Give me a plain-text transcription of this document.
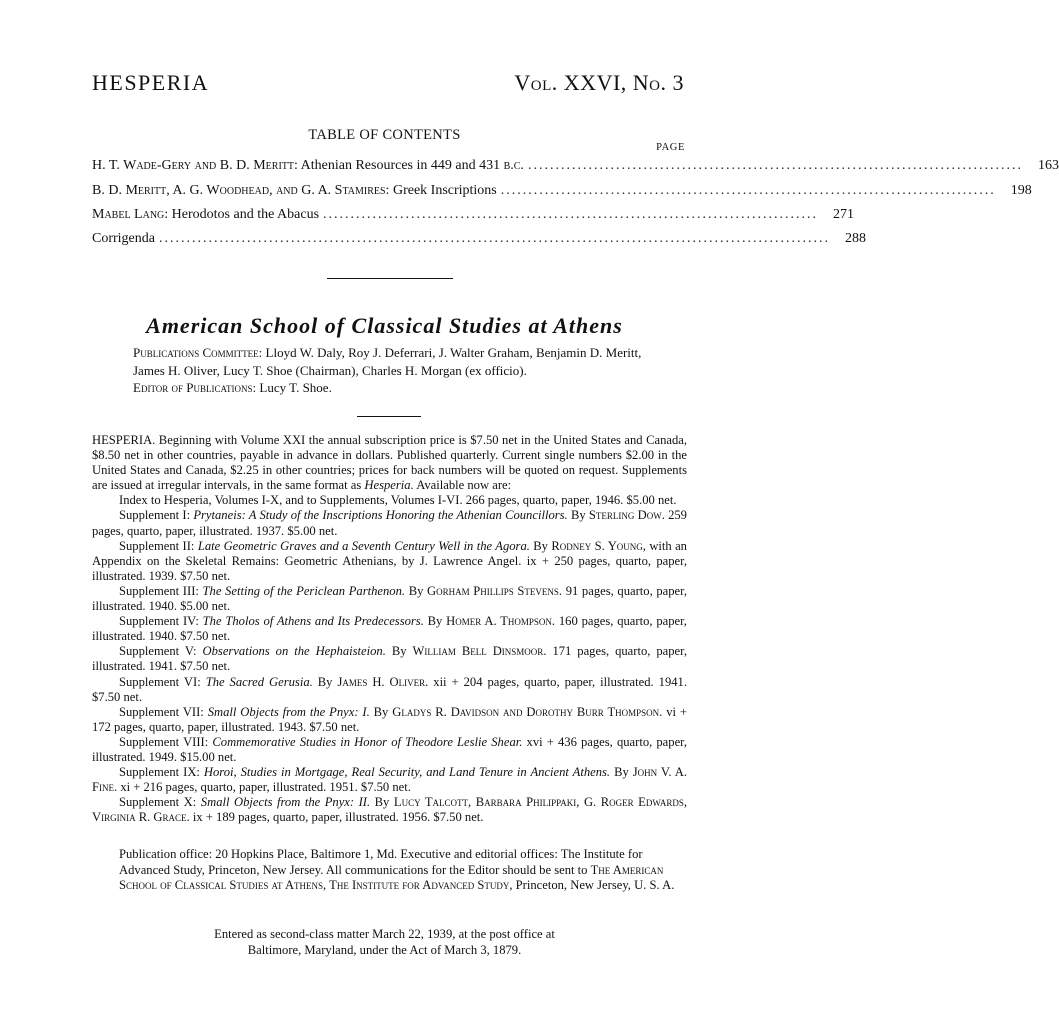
HESPERIA	Vol. XXVI, No. 3
TABLE OF CONTENTS
PAGE
H. T. Wade-Gery and B. D. Meritt: Athenian Resources in 449 and 431 b.c. ..........................................................................................	163
B. D. Meritt, A. G. Woodhead, and G. A. Stamires: Greek Inscriptions ..........................................................................................	198
Mabel Lang: Herodotos and the Abacus ..........................................................................................	271
Corrigenda ..........................................................................................................................	288
American School of Classical Studies at Athens
Publications Committee: Lloyd W. Daly, Roy J. Deferrari, J. Walter Graham, Benjamin D. Meritt, James H. Oliver, Lucy T. Shoe (Chairman), Charles H. Morgan (ex officio).
Editor of Publications: Lucy T. Shoe.

HESPERIA. Beginning with Volume XXI the annual subscription price is $7.50 net in the United States and Canada, $8.50 net in other countries, payable in advance in dollars. Published quarterly. Current single numbers $2.00 in the United States and Canada, $2.25 in other countries; prices for back numbers will be quoted on request. Supplements are issued at irregular intervals, in the same format as Hesperia. Available now are:

Index to Hesperia, Volumes I-X, and to Supplements, Volumes I-VI. 266 pages, quarto, paper, 1946. $5.00 net.

Supplement I: Prytaneis: A Study of the Inscriptions Honoring the Athenian Councillors. By Sterling Dow. 259 pages, quarto, paper, illustrated. 1937. $5.00 net.

Supplement II: Late Geometric Graves and a Seventh Century Well in the Agora. By Rodney S. Young, with an Appendix on the Skeletal Remains: Geometric Athenians, by J. Lawrence Angel. ix + 250 pages, quarto, paper, illustrated. 1939. $7.50 net.

Supplement III: The Setting of the Periclean Parthenon. By Gorham Phillips Stevens. 91 pages, quarto, paper, illustrated. 1940. $5.00 net.

Supplement IV: The Tholos of Athens and Its Predecessors. By Homer A. Thompson. 160 pages, quarto, paper, illustrated. 1940. $7.50 net.

Supplement V: Observations on the Hephaisteion. By William Bell Dinsmoor. 171 pages, quarto, paper, illustrated. 1941. $7.50 net.

Supplement VI: The Sacred Gerusia. By James H. Oliver. xii + 204 pages, quarto, paper, illustrated. 1941. $7.50 net.

Supplement VII: Small Objects from the Pnyx: I. By Gladys R. Davidson and Dorothy Burr Thompson. vi + 172 pages, quarto, paper, illustrated. 1943. $7.50 net.

Supplement VIII: Commemorative Studies in Honor of Theodore Leslie Shear. xvi + 436 pages, quarto, paper, illustrated. 1949. $15.00 net.

Supplement IX: Horoi, Studies in Mortgage, Real Security, and Land Tenure in Ancient Athens. By John V. A. Fine. xi + 216 pages, quarto, paper, illustrated. 1951. $7.50 net.

Supplement X: Small Objects from the Pnyx: II. By Lucy Talcott, Barbara Philippaki, G. Roger Edwards, Virginia R. Grace. ix + 189 pages, quarto, paper, illustrated. 1956. $7.50 net.

Publication office: 20 Hopkins Place, Baltimore 1, Md. Executive and editorial offices: The Institute for Advanced Study, Princeton, New Jersey. All communications for the Editor should be sent to The American School of Classical Studies at Athens, The Institute for Advanced Study, Princeton, New Jersey, U. S. A.
Entered as second-class matter March 22, 1939, at the post office at
Baltimore, Maryland, under the Act of March 3, 1879.
